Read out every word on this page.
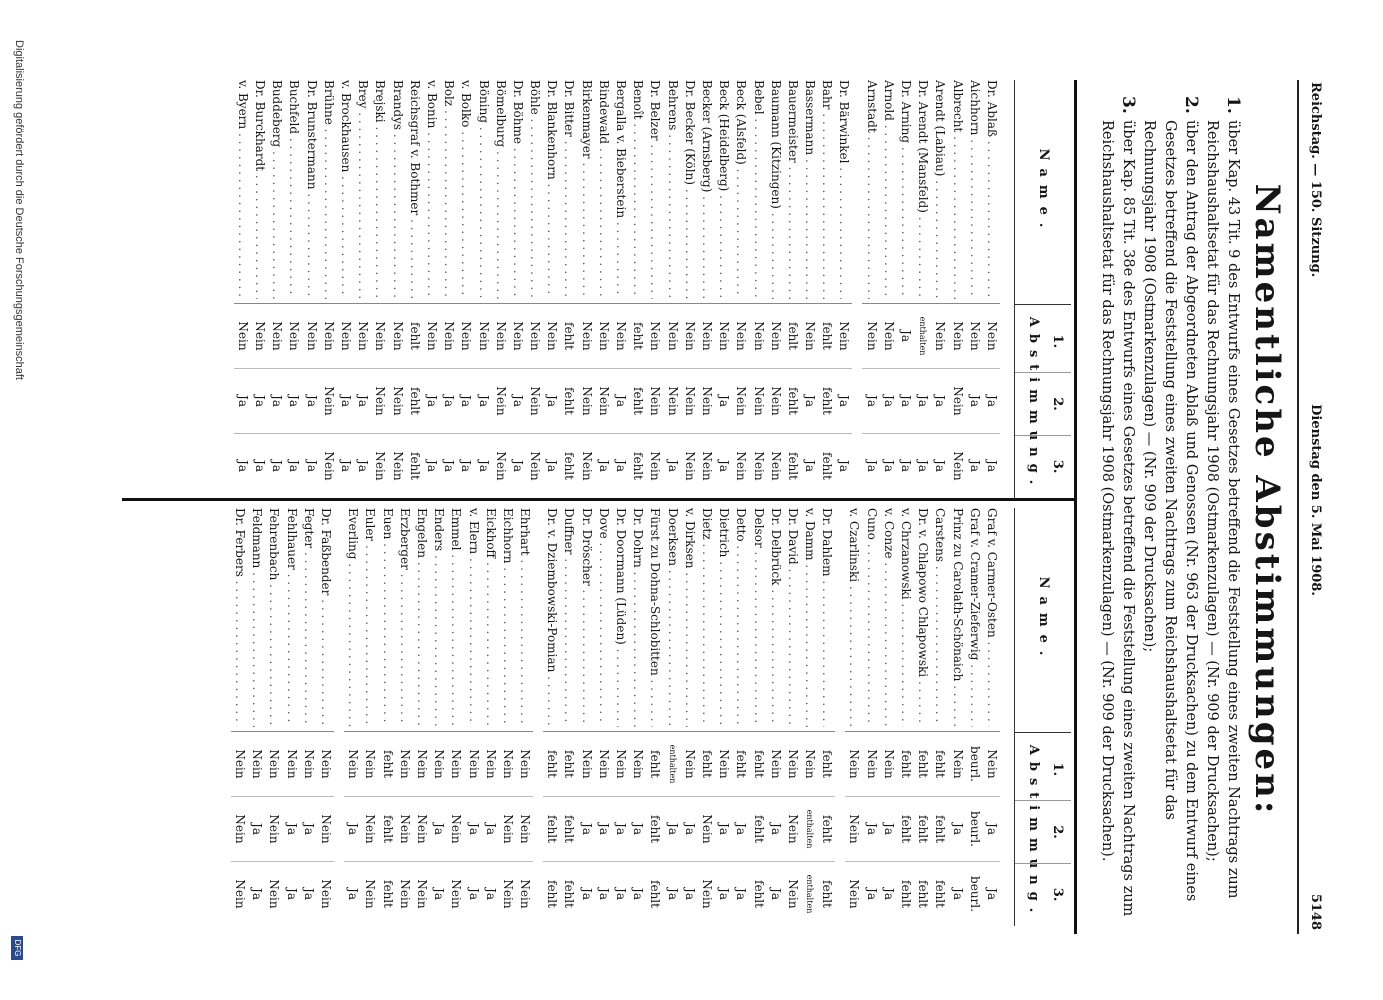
Reichstag. — 150. Sitzung.
Dienstag den 5. Mai 1908.
5148
Namentliche Abstimmungen:
1.
über Kap. 43 Tit. 9 des Entwurfs eines Gesetzes betreffend die Feststellung eines zweiten Nachtrags zum Reichshaushaltsetat für das Rechnungsjahr 1908 (Ostmarkenzulagen) — (Nr. 909 der Drucksachen);
2.
über den Antrag der Abgeordneten Ablaß und Genossen (Nr. 963 der Drucksachen) zu dem Entwurf eines Gesetzes betreffend die Feststellung eines zweiten Nachtrags zum Reichshaushaltsetat für das Rechnungsjahr 1908 (Ostmarkenzulagen) — (Nr. 909 der Drucksachen);
3.
über Kap. 85 Tit. 38e des Entwurfs eines Gesetzes betreffend die Feststellung eines zweiten Nachtrags zum Reichshaushaltsetat für das Rechnungsjahr 1908 (Ostmarkenzulagen) — (Nr. 909 der Drucksachen).
Name.
1.
2.
3.
Abstimmung.
Dr. Ablaß . . .
Nein
Ja
Ja
Aichhorn . . .
Nein
Ja
Ja
Albrecht . . .
Nein
Nein
Nein
Arendt (Labiau) . . .
Nein
Ja
Ja
Dr. Arendt (Mansfeld) . . .
enthalten
Ja
Ja
Dr. Arning . . .
Ja
Ja
Ja
Arnold . . .
Nein
Ja
Ja
Arnstadt . . .
Nein
Ja
Ja
Dr. Bärwinkel . . .
Nein
Ja
Ja
Bahr . . .
fehlt
fehlt
fehlt
Bassermann . . .
Nein
Ja
Ja
Bauermeister . . .
fehlt
fehlt
fehlt
Baumann (Kitzingen) . . .
Nein
Nein
Nein
Bebel . . .
Nein
Nein
Nein
Beck (Alsfeld) . . .
Nein
Nein
Nein
Beck (Heidelberg) . . .
Nein
Ja
Ja
Becker (Arnsberg) . . .
Nein
Nein
Nein
Dr. Becker (Köln) . . .
Nein
Nein
Nein
Behrens . . .
Nein
Nein
Ja
Dr. Belzer . . .
Nein
Nein
Nein
Benoît . . .
fehlt
fehlt
fehlt
Bergalla v. Bieberstein . . .
Nein
Ja
Ja
Bindewald . . .
Nein
Nein
Ja
Birkenmayer . . .
Nein
Nein
Nein
Dr. Bitter . . .
fehlt
fehlt
fehlt
Dr. Blankenhorn . . .
Nein
Ja
Ja
Böhle . . .
Nein
Nein
Nein
Dr. Böhme . . .
Nein
Ja
Ja
Bömelburg . . .
Nein
Nein
Nein
Böning . . .
Nein
Ja
Ja
v. Bolko . . .
Nein
Ja
Ja
Bolz . . .
Nein
Ja
Ja
v. Bonin . . .
Nein
Ja
Ja
Reichsgraf v. Bothmer . . .
fehlt
fehlt
fehlt
Brandys . . .
Nein
Nein
Nein
Brejski . . .
Nein
Nein
Nein
Brey . . .
Nein
Ja
Ja
v. Brockhausen . . .
Nein
Ja
Ja
Brühne . . .
Nein
Nein
Nein
Dr. Brunstermann . . .
Nein
Ja
Ja
Buchfeld . . .
Nein
Ja
Ja
Buddeberg . . .
Nein
Ja
Ja
Dr. Burckhardt . . .
Nein
Ja
Ja
v. Byern . . .
Nein
Ja
Ja
Name.
1.
2.
3.
Abstimmung.
Graf v. Carmer-Osten . . .
Nein
Ja
Ja
Graf v. Cramer-Zieferwig . . .
beurl.
beurl.
beurl.
Prinz zu Carolath-Schönaich . . .
Nein
Ja
Ja
Carstens . . .
fehlt
fehlt
fehlt
Dr. v. Chlapowo Chlapowski . . .
fehlt
fehlt
fehlt
v. Chrzanowski . . .
fehlt
fehlt
fehlt
v. Conze . . .
Nein
Ja
Ja
Cuno . . .
Nein
Ja
Ja
v. Czarlinski . . .
Nein
Nein
Nein
Dr. Dahlem . . .
fehlt
fehlt
fehlt
v. Damm . . .
Nein
enthalten
enthalten
Dr. David . . .
Nein
Nein
Nein
Dr. Delbrück . . .
Nein
Ja
Ja
Delsor . . .
fehlt
fehlt
fehlt
Detto . . .
fehlt
Ja
Ja
Dietrich . . .
Nein
Ja
Ja
Dietz . . .
fehlt
Nein
Nein
v. Dirksen . . .
Nein
Ja
Ja
Doerksen . . .
enthalten
Ja
Ja
Fürst zu Dohna-Schlobitten . . .
fehlt
fehlt
fehlt
Dr. Dohrn . . .
Nein
Ja
Ja
Dr. Doormann (Lüden) . . .
Nein
Ja
Ja
Dove . . .
Nein
Ja
Ja
Dr. Dröscher . . .
Nein
Ja
Ja
Duffner . . .
fehlt
fehlt
fehlt
Dr. v. Dziembowski-Pomian . . .
fehlt
fehlt
fehlt
Ehrhart . . .
Nein
Nein
Nein
Eichhorn . . .
Nein
Nein
Nein
Eickhoff . . .
Nein
Ja
Ja
v. Elern . . .
Nein
Ja
Ja
Emmel . . .
Nein
Nein
Nein
Enders . . .
Nein
Ja
Ja
Engelen . . .
Nein
Nein
Nein
Erzberger . . .
Nein
Nein
Nein
Euen . . .
fehlt
fehlt
fehlt
Euler . . .
Nein
Nein
Nein
Everling . . .
Nein
Ja
Ja
Dr. Faßbender . . .
Nein
Nein
Nein
Fegter . . .
Nein
Ja
Ja
Fehlhauer . . .
Nein
Ja
Ja
Fehrenbach . . .
Nein
Nein
Nein
Feldmann . . .
Nein
Ja
Ja
Dr. Ferbers . . .
Nein
Nein
Nein
Digitalisierung gefördert durch die Deutsche Forschungsgemeinschaft
DFG
